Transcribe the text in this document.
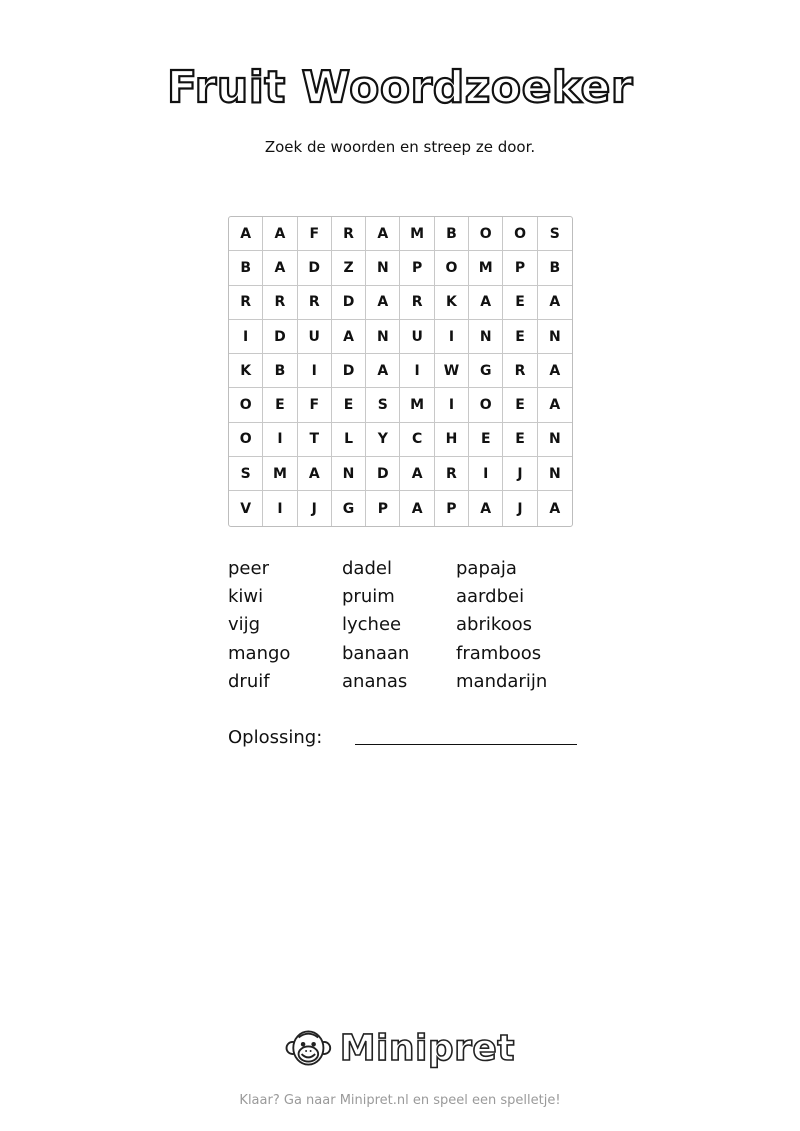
Fruit Woordzoeker
Zoek de woorden en streep ze door.
A	A	F	R	A	M	B	O	O	S
B	A	D	Z	N	P	O	M	P	B
R	R	R	D	A	R	K	A	E	A
I	D	U	A	N	U	I	N	E	N
K	B	I	D	A	I	W	G	R	A
O	E	F	E	S	M	I	O	E	A
O	I	T	L	Y	C	H	E	E	N
S	M	A	N	D	A	R	I	J	N
V	I	J	G	P	A	P	A	J	A
peer	dadel	papaja
kiwi	pruim	aardbei
vijg	lychee	abrikoos
mango	banaan	framboos
druif	ananas	mandarijn
Oplossing:
Minipret
Klaar? Ga naar Minipret.nl en speel een spelletje!
